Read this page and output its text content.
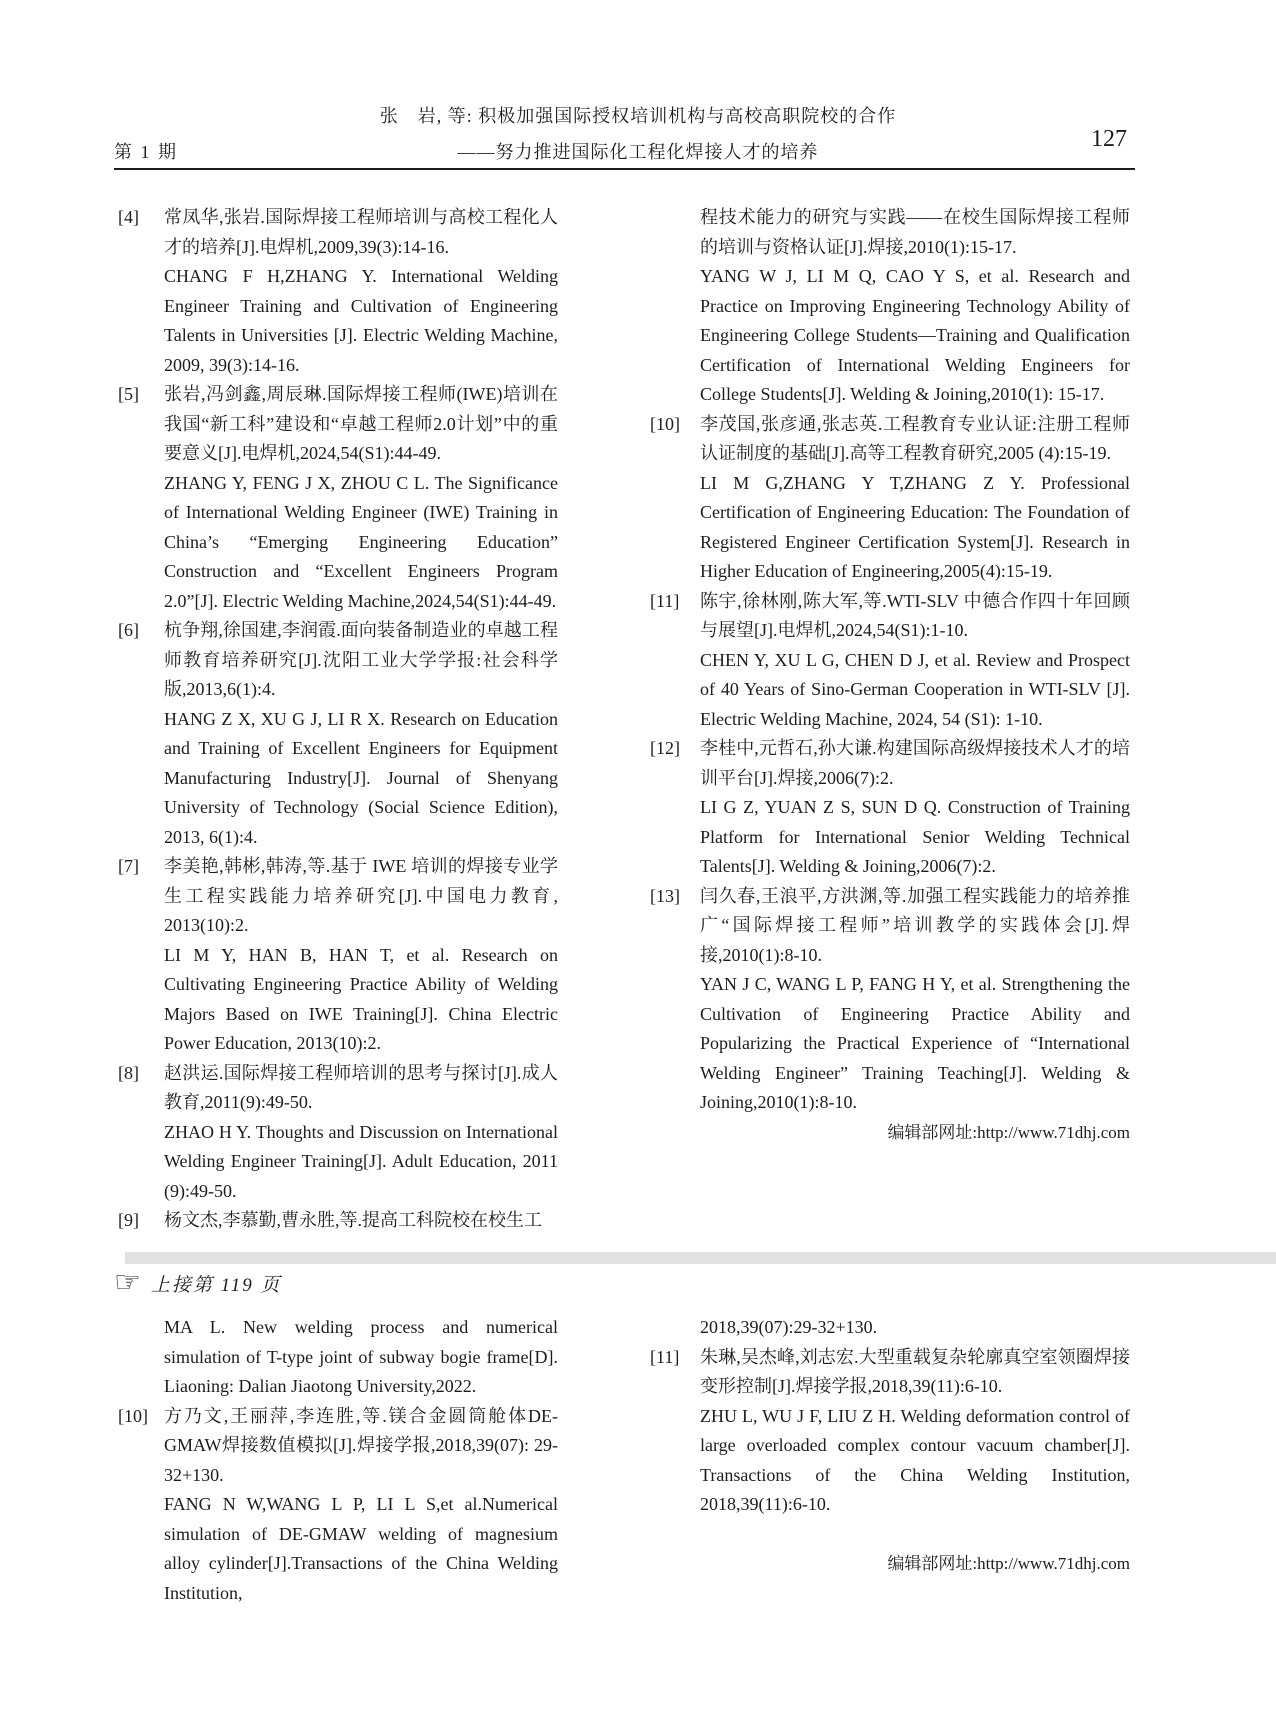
张　岩, 等: 积极加强国际授权培训机构与高校高职院校的合作
第 1 期	——努力推进国际化工程化焊接人才的培养	127
[4] 常凤华,张岩.国际焊接工程师培训与高校工程化人才的培养[J].电焊机,2009,39(3):14-16.

CHANG F H,ZHANG Y. International Welding Engineer Training and Cultivation of Engineering Talents in Universities [J]. Electric Welding Machine, 2009, 39(3):14-16.

[5] 张岩,冯剑鑫,周辰琳.国际焊接工程师(IWE)培训在我国“新工科”建设和“卓越工程师2.0计划”中的重要意义[J].电焊机,2024,54(S1):44-49.

ZHANG Y, FENG J X, ZHOU C L. The Significance of International Welding Engineer (IWE) Training in China’s “Emerging Engineering Education” Construction and “Excellent Engineers Program 2.0”[J]. Electric Welding Machine,2024,54(S1):44-49.

[6] 杭争翔,徐国建,李润霞.面向装备制造业的卓越工程师教育培养研究[J].沈阳工业大学学报:社会科学版,2013,6(1):4.

HANG Z X, XU G J, LI R X. Research on Education and Training of Excellent Engineers for Equipment Manufacturing Industry[J]. Journal of Shenyang University of Technology (Social Science Edition), 2013, 6(1):4.

[7] 李美艳,韩彬,韩涛,等.基于 IWE 培训的焊接专业学生工程实践能力培养研究[J].中国电力教育, 2013(10):2.

LI M Y, HAN B, HAN T, et al. Research on Cultivating Engineering Practice Ability of Welding Majors Based on IWE Training[J]. China Electric Power Education, 2013(10):2.

[8] 赵洪运.国际焊接工程师培训的思考与探讨[J].成人教育,2011(9):49-50.

ZHAO H Y. Thoughts and Discussion on International Welding Engineer Training[J]. Adult Education, 2011 (9):49-50.

[9] 杨文杰,李慕勤,曹永胜,等.提高工科院校在校生工

程技术能力的研究与实践——在校生国际焊接工程师的培训与资格认证[J].焊接,2010(1):15-17.

YANG W J, LI M Q, CAO Y S, et al. Research and Practice on Improving Engineering Technology Ability of Engineering College Students—Training and Qualification Certification of International Welding Engineers for College Students[J]. Welding & Joining,2010(1): 15-17.

[10] 李茂国,张彦通,张志英.工程教育专业认证:注册工程师认证制度的基础[J].高等工程教育研究,2005 (4):15-19.

LI M G,ZHANG Y T,ZHANG Z Y. Professional Certification of Engineering Education: The Foundation of Registered Engineer Certification System[J]. Research in Higher Education of Engineering,2005(4):15-19.

[11] 陈宇,徐林刚,陈大军,等.WTI-SLV 中德合作四十年回顾与展望[J].电焊机,2024,54(S1):1-10.

CHEN Y, XU L G, CHEN D J, et al. Review and Prospect of 40 Years of Sino-German Cooperation in WTI-SLV [J]. Electric Welding Machine, 2024, 54 (S1): 1-10.

[12] 李桂中,元哲石,孙大谦.构建国际高级焊接技术人才的培训平台[J].焊接,2006(7):2.

LI G Z, YUAN Z S, SUN D Q. Construction of Training Platform for International Senior Welding Technical Talents[J]. Welding & Joining,2006(7):2.

[13] 闫久春,王浪平,方洪渊,等.加强工程实践能力的培养推广“国际焊接工程师”培训教学的实践体会[J].焊接,2010(1):8-10.

YAN J C, WANG L P, FANG H Y, et al. Strengthening the Cultivation of Engineering Practice Ability and Popularizing the Practical Experience of “International Welding Engineer” Training Teaching[J]. Welding & Joining,2010(1):8-10.

编辑部网址:http://www.71dhj.com
☞ 上接第 119 页

MA L. New welding process and numerical simulation of T-type joint of subway bogie frame[D]. Liaoning: Dalian Jiaotong University,2022.

[10] 方乃文,王丽萍,李连胜,等.镁合金圆筒舱体DE-GMAW焊接数值模拟[J].焊接学报,2018,39(07): 29-32+130.

FANG N W,WANG L P, LI L S,et al.Numerical simulation of DE-GMAW welding of magnesium alloy cylinder[J].Transactions of the China Welding Institution,

2018,39(07):29-32+130.

[11] 朱琳,吴杰峰,刘志宏.大型重载复杂轮廓真空室领圈焊接变形控制[J].焊接学报,2018,39(11):6-10.

ZHU L, WU J F, LIU Z H. Welding deformation control of large overloaded complex contour vacuum chamber[J]. Transactions of the China Welding Institution, 2018,39(11):6-10.

编辑部网址:http://www.71dhj.com
